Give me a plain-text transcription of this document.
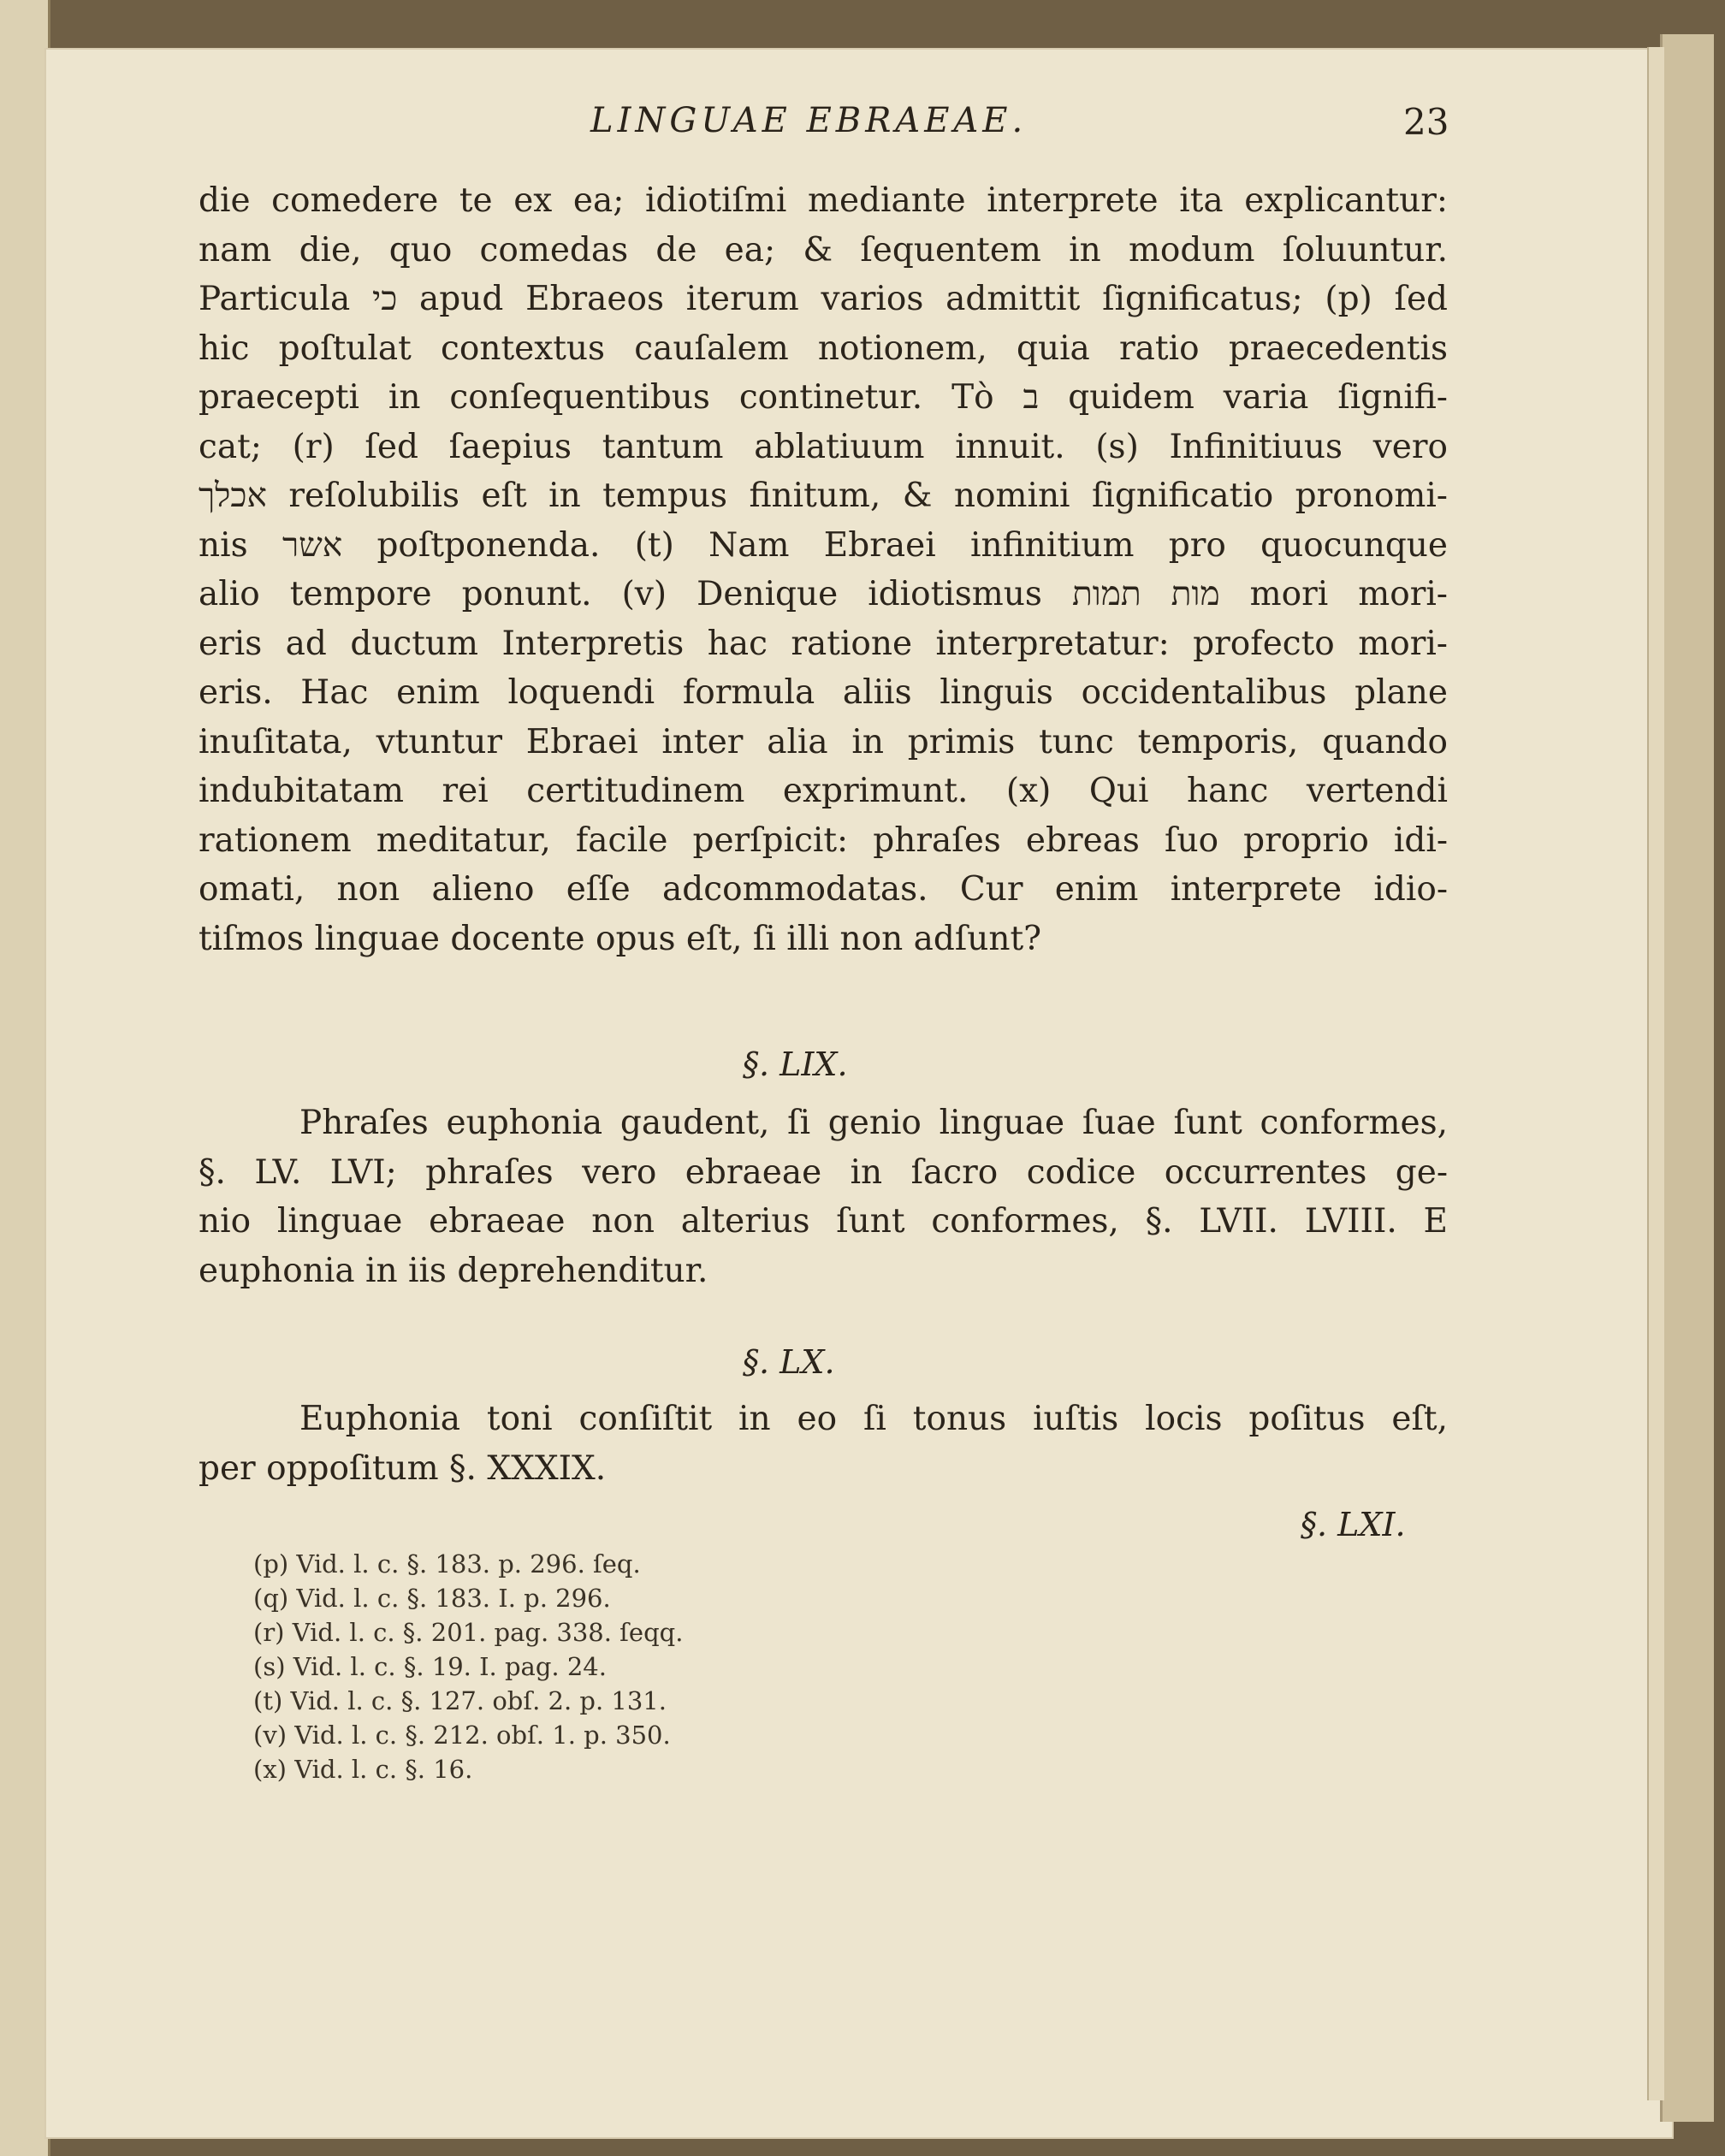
LINGUAE EBRAEAE.	23
die comedere te ex ea; idiotiſmi mediante interprete ita explicantur:
nam die, quo comedas de ea; & ſequentem in modum ſoluuntur.
Particula כי apud Ebraeos iterum varios admittit ſignificatus; (p) ſed
hic poſtulat contextus cauſalem notionem, quia ratio praecedentis
praecepti in conſequentibus continetur. Τὸ ב quidem varia ſignifi-
cat; (r) ſed ſaepius tantum ablatiuum innuit. (s) Infinitiuus vero
אכלך reſolubilis eſt in tempus finitum, & nomini ſignificatio pronomi-
nis אשר poſtponenda. (t) Nam Ebraei infinitium pro quocunque
alio tempore ponunt. (v) Denique idiotismus מות תמות mori mori-
eris ad ductum Interpretis hac ratione interpretatur: profecto mori-
eris. Hac enim loquendi formula aliis linguis occidentalibus plane
inuſitata, vtuntur Ebraei inter alia in primis tunc temporis, quando
indubitatam rei certitudinem exprimunt. (x) Qui hanc vertendi
rationem meditatur, facile perſpicit: phraſes ebreas ſuo proprio idi-
omati, non alieno eſſe adcommodatas. Cur enim interprete idio-
tiſmos linguae docente opus eſt, ſi illi non adſunt?
§. LIX.
Phraſes euphonia gaudent, ſi genio linguae ſuae ſunt conformes,
§. LV. LVI; phraſes vero ebraeae in ſacro codice occurrentes ge-
nio linguae ebraeae non alterius ſunt conformes, §. LVII. LVIII. E
euphonia in iis deprehenditur.
§. LX.
Euphonia toni conſiſtit in eo ſi tonus iuſtis locis poſitus eſt,
per oppoſitum §. XXXIX.
§. LXI.
(p) Vid. l. c. §. 183. p. 296. ſeq.
(q) Vid. l. c. §. 183. I. p. 296.
(r) Vid. l. c. §. 201. pag. 338. ſeqq.
(s) Vid. l. c. §. 19. I. pag. 24.
(t) Vid. l. c. §. 127. obſ. 2. p. 131.
(v) Vid. l. c. §. 212. obſ. 1. p. 350.
(x) Vid. l. c. §. 16.
